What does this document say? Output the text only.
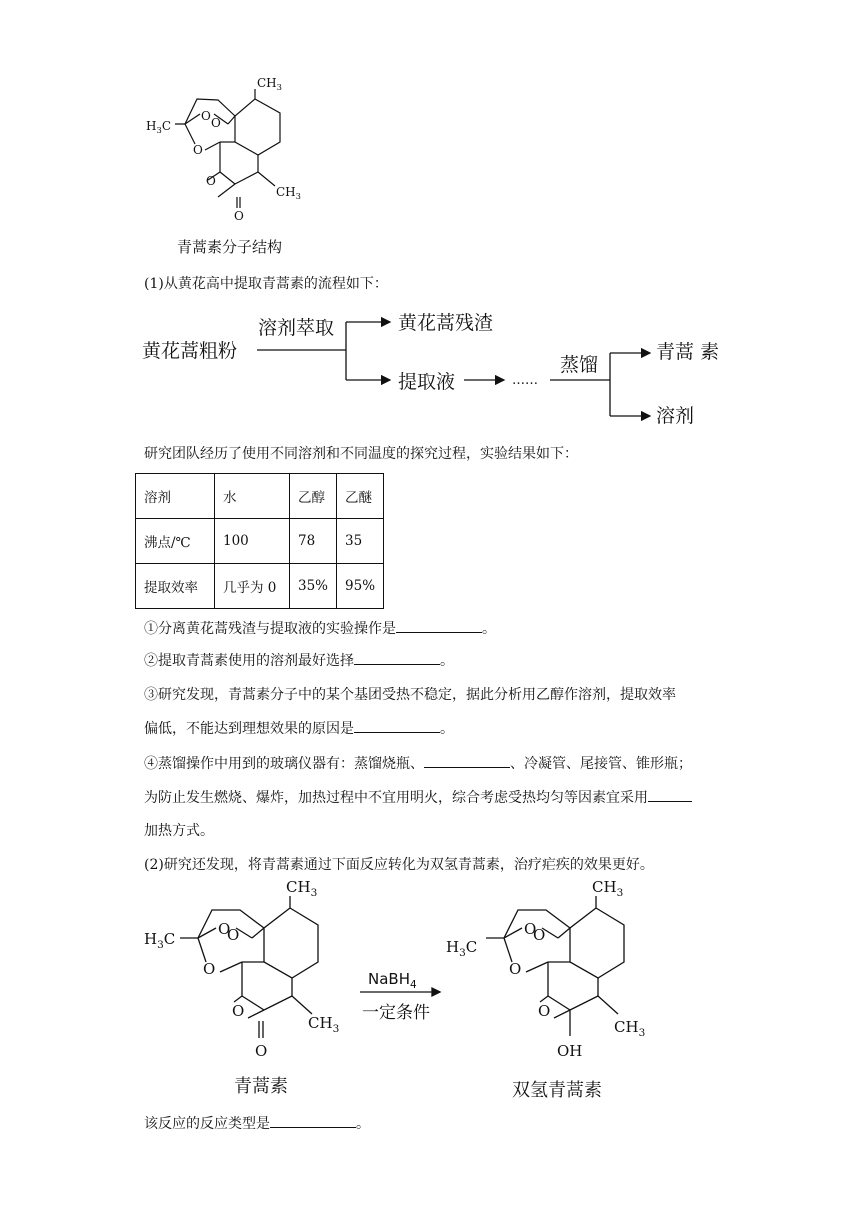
$CH_3$
$H_3C$
O O
O
O
$CH_3$
O
青蒿素分子结构
(1)从黄花高中提取青蒿素的流程如下：
黄花蒿粗粉
溶剂萃取	黄花蒿残渣
提取液	……
蒸馏
青蒿 素
溶剂
研究团队经历了使用不同溶剂和不同温度的探究过程，实验结果如下：
溶剂	水	乙醇	乙醚
沸点/℃	100	78	35
提取效率	几乎为 0	35%	95%
①分离黄花蒿残渣与提取液的实验操作是	。
②提取青蒿素使用的溶剂最好选择	。
③研究发现，青蒿素分子中的某个基团受热不稳定，据此分析用乙醇作溶剂，提取效率
偏低，不能达到理想效果的原因是	。
④蒸馏操作中用到的玻璃仪器有：蒸馏烧瓶、	、冷凝管、尾接管、锥形瓶；
为防止发生燃烧、爆炸，加热过程中不宜用明火，综合考虑受热均匀等因素宜采用
加热方式。
(2)研究还发现，将青蒿素通过下面反应转化为双氢青蒿素，治疗疟疾的效果更好。
$CH_3$
$H_3C$
O
O
O
O
$CH_3$
O
青蒿素
NaBH$_4$
一定条件
$CH_3$
$H_3C$
O
O
O
O
$CH_3$
OH
双氢青蒿素
该反应的反应类型是	。
